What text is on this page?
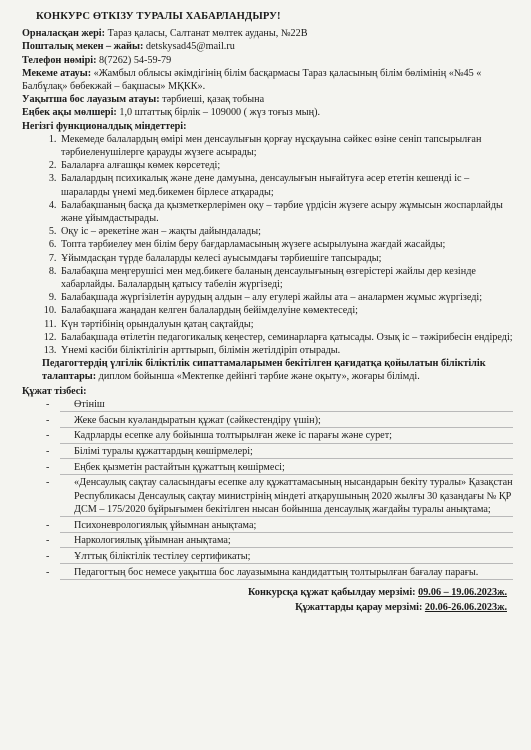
КОНКУРС ӨТКІЗУ ТУРАЛЫ ХАБАРЛАНДЫРУ!

Орналасқан жері: Тараз қаласы, Салтанат мөлтек ауданы, №22В

Пошталық мекен – жайы: detskysad45@mail.ru

Телефон нөмірі: 8(7262) 54-59-79

Мекеме атауы: «Жамбыл облысы әкімдігінің білім басқармасы Тараз қаласының білім бөлімінің «№45 « Балбұлақ» бөбекжай – бақшасы» МҚКК».

Уақытша бос лауазым атауы: тәрбиеші, қазақ тобына

Еңбек ақы мөлшері: 1,0 штаттық бірлік – 109000 ( жүз тоғыз мың).

Негізгі функционалдық міндеттері:

1. Мекемеде балалардың өмірі мен денсаулығын қорғау нұсқауына сәйкес өзіне сеніп тапсырылған тәрбиеленушілерге қарауды жүзеге асырады;
2. Балаларға алғашқы көмек көрсетеді;
3. Балалардың психикалық және дене дамуына, денсаулығын нығайтуға әсер ететін кешенді іс – шараларды үнемі мед.бикемен бірлесе атқарады;
4. Балабақшаның басқа да қызметкерлерімен оқу – тәрбие үрдісін жүзеге асыру жұмысын жоспарлайды және ұйымдастырады.
5. Оқу іс – әрекетіне жан – жақты дайындалады;
6. Топта тәрбиелеу мен білім беру бағдарламасының жүзеге асырылуына жағдай жасайды;
7. Ұйымдасқан түрде балаларды келесі ауысымдағы тәрбиешіге тапсырады;
8. Балабақша меңгерушісі мен мед.бикеге баланың денсаулығының өзгерістері жайлы дер кезінде хабарлайды. Балалардың қатысу табелін жүргізеді;
9. Балабақшада жүргізілетін аурудың алдын – алу егулері жайлы ата – аналармен жұмыс жүргізеді;
10. Балабақшаға жаңадан келген балалардың бейімделуіне көмектеседі;
11. Күн тәртібінің орындалуын қатаң сақтайды;
12. Балабақшада өтілетін педагогикалық кеңестер, семинарларға қатысады. Озық іс – тәжірибесін ендіреді;
13. Үнемі кәсіби біліктілігін арттырып, білімін жетілдіріп отырады.

Педагогтердің үлгілік біліктілік сипаттамаларымен бекітілген қағидатқа қойылатын біліктілік талаптары: диплом бойынша «Мектепке дейінгі тәрбие және оқыту», жоғары білімді.

Құжат тізбесі:

- Өтініш
- Жеке басын куәландыратын құжат (сәйкестендіру үшін);
- Кадрларды есепке алу бойынша толтырылған жеке іс парағы және сурет;
- Білімі туралы құжаттардың көшірмелері;
- Еңбек қызметін растайтын құжаттың көшірмесі;
- «Денсаулық сақтау саласындағы есепке алу құжаттамасының нысандарын бекіту туралы» Қазақстан Республикасы Денсаулық сақтау министрінің міндеті атқарушының 2020 жылғы 30 қазандағы № ҚР ДСМ – 175/2020 бұйрығымен бекітілген нысан бойынша денсаулық жағдайы туралы анықтама;
- Психоневрологиялық ұйымнан анықтама;
- Наркологиялық ұйымнан анықтама;
- Ұлттық біліктілік тестілеу сертификаты;
- Педагогтың бос немесе уақытша бос лауазымына кандидаттың толтырылған бағалау парағы.
Конкурсқа құжат қабылдау мерзімі: 09.06 – 19.06.2023ж.
Құжаттарды қарау мерзімі: 20.06-26.06.2023ж.
